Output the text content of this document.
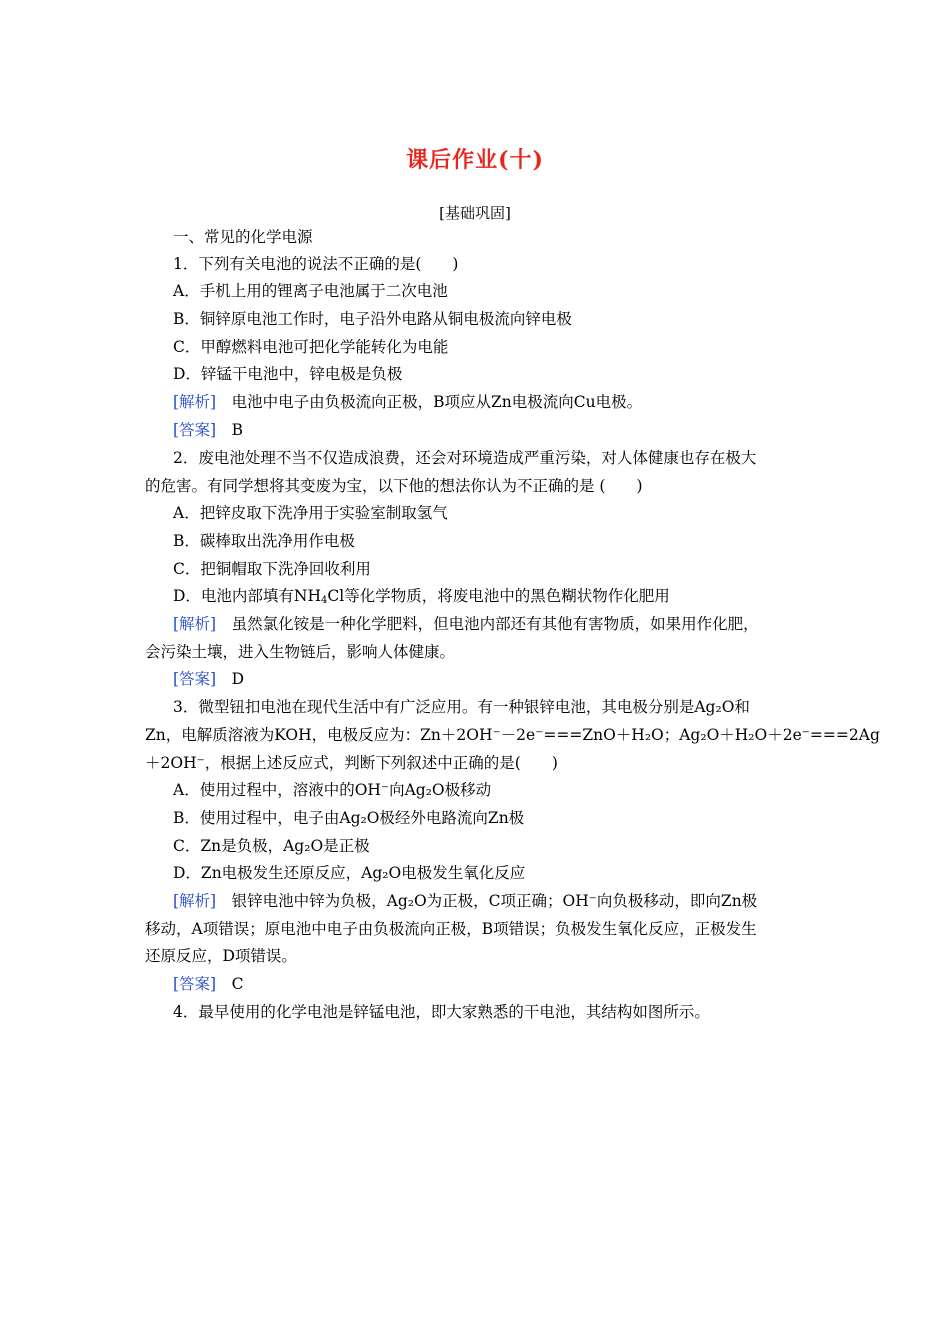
课后作业(十)
[基础巩固]
一、常见的化学电源
1．下列有关电池的说法不正确的是(　　)
A．手机上用的锂离子电池属于二次电池
B．铜锌原电池工作时，电子沿外电路从铜电极流向锌电极
C．甲醇燃料电池可把化学能转化为电能
D．锌锰干电池中，锌电极是负极
[解析]　 电池中电子由负极流向正极，B项应从Zn电极流向Cu电极。
[答案]　 B
2．废电池处理不当不仅造成浪费，还会对环境造成严重污染，对人体健康也存在极大
的危害。有同学想将其变废为宝，以下他的想法你认为不正确的是 (　　)
A．把锌皮取下洗净用于实验室制取氢气
B．碳棒取出洗净用作电极
C．把铜帽取下洗净回收利用
D．电池内部填有$NH_4Cl$等化学物质，将废电池中的黑色糊状物作化肥用
[解析]　 虽然氯化铵是一种化学肥料，但电池内部还有其他有害物质，如果用作化肥，
会污染土壤，进入生物链后，影响人体健康。
[答案]　 D
3．微型钮扣电池在现代生活中有广泛应用。有一种银锌电池，其电极分别是Ag₂O和
Zn，电解质溶液为KOH，电极反应为：Zn＋2OH⁻－2e⁻===ZnO＋H₂O；Ag₂O＋H₂O＋2e⁻===2Ag
＋2OH⁻，根据上述反应式，判断下列叙述中正确的是(　　)
A．使用过程中，溶液中的OH⁻向Ag₂O极移动
B．使用过程中，电子由Ag₂O极经外电路流向Zn极
C．Zn是负极，Ag₂O是正极
D．Zn电极发生还原反应，Ag₂O电极发生氧化反应
[解析]　 银锌电池中锌为负极，Ag₂O为正极，C项正确；OH⁻向负极移动，即向Zn极
移动，A项错误；原电池中电子由负极流向正极，B项错误；负极发生氧化反应，正极发生
还原反应，D项错误。
[答案]　 C
4．最早使用的化学电池是锌锰电池，即大家熟悉的干电池，其结构如图所示。
